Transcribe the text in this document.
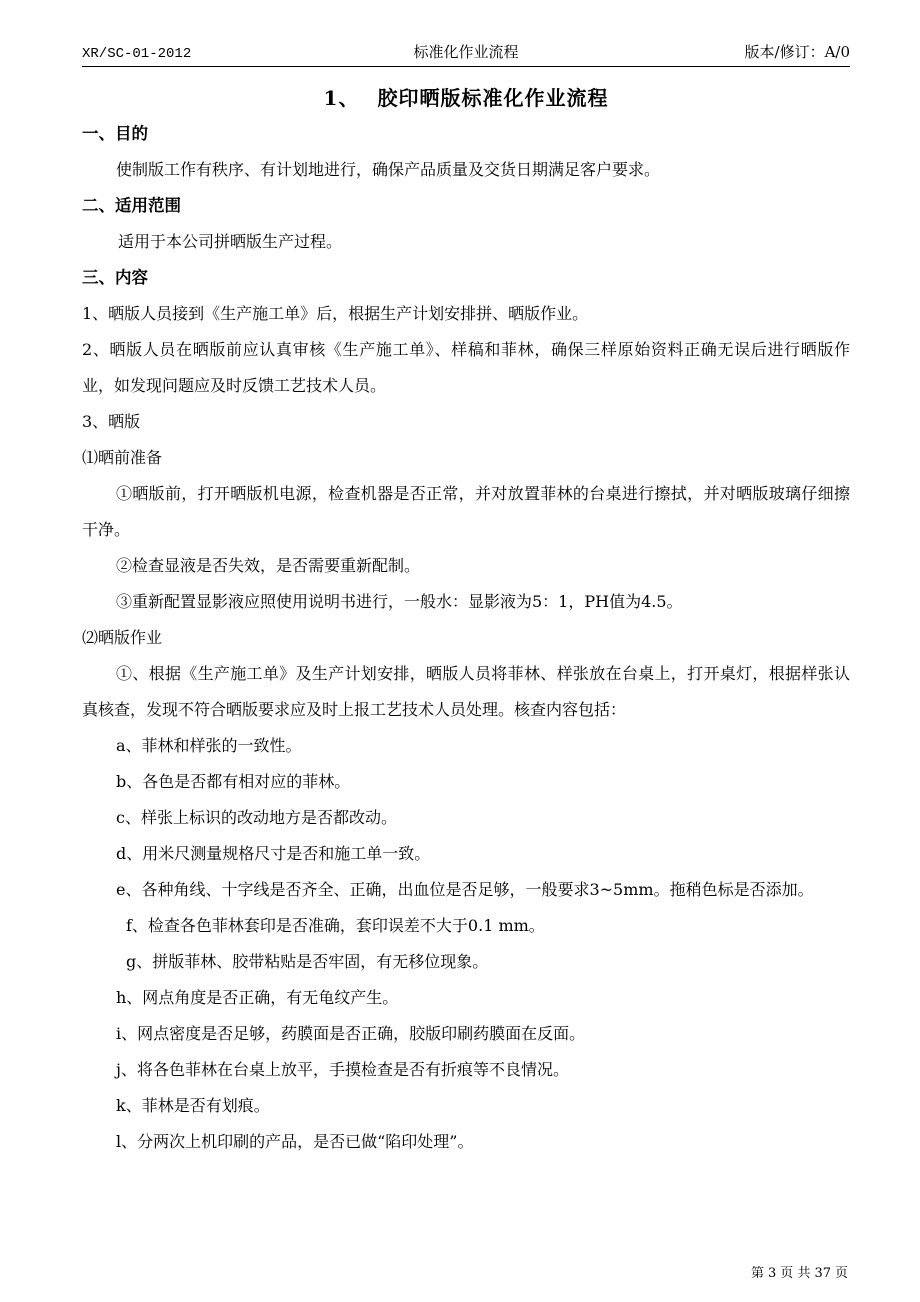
XR/SC-01-2012	标准化作业流程	版本/修订：A/0
1、 胶印晒版标准化作业流程

一、目的

使制版工作有秩序、有计划地进行，确保产品质量及交货日期满足客户要求。

二、适用范围

适用于本公司拼晒版生产过程。

三、内容

1、晒版人员接到《生产施工单》后，根据生产计划安排拼、晒版作业。

2、晒版人员在晒版前应认真审核《生产施工单》、样稿和菲林，确保三样原始资料正确无误后进行晒版作业，如发现问题应及时反馈工艺技术人员。

3、晒版

⑴晒前准备

①晒版前，打开晒版机电源，检查机器是否正常，并对放置菲林的台桌进行擦拭，并对晒版玻璃仔细擦干净。

②检查显液是否失效，是否需要重新配制。

③重新配置显影液应照使用说明书进行，一般水：显影液为5：1，PH值为4.5。

⑵晒版作业

①、根据《生产施工单》及生产计划安排，晒版人员将菲林、样张放在台桌上，打开桌灯，根据样张认真核查，发现不符合晒版要求应及时上报工艺技术人员处理。核查内容包括：

a、菲林和样张的一致性。

b、各色是否都有相对应的菲林。

c、样张上标识的改动地方是否都改动。

d、用米尺测量规格尺寸是否和施工单一致。

e、各种角线、十字线是否齐全、正确，出血位是否足够，一般要求3~5mm。拖稍色标是否添加。

f、检查各色菲林套印是否准确，套印误差不大于0.1 mm。

g、拼版菲林、胶带粘贴是否牢固，有无移位现象。

h、网点角度是否正确，有无龟纹产生。

i、网点密度是否足够，药膜面是否正确，胶版印刷药膜面在反面。

j、将各色菲林在台桌上放平，手摸检查是否有折痕等不良情况。

k、菲林是否有划痕。

l、分两次上机印刷的产品，是否已做“陷印处理”。

第 3 页 共 37 页
